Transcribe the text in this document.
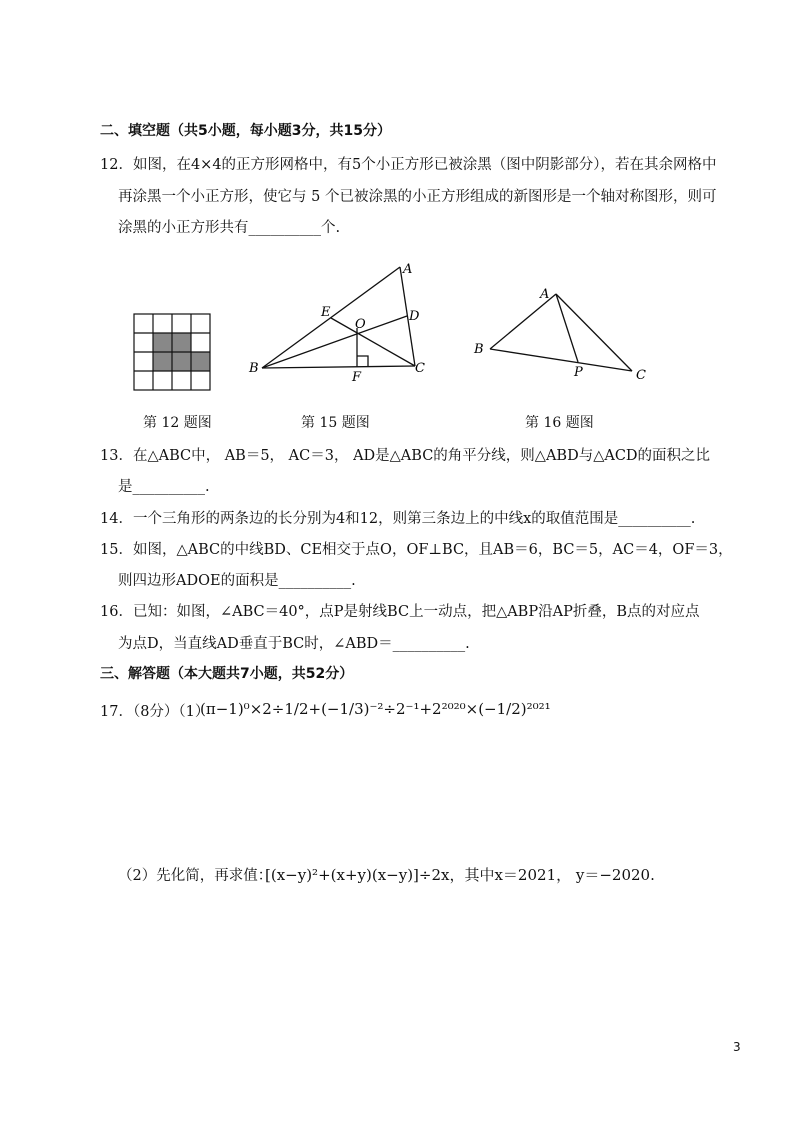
二、填空题（共5小题，每小题3分，共15分）
12．如图，在4×4的正方形网格中，有5个小正方形已被涂黑（图中阴影部分），若在其余网格中
再涂黑一个小正方形，使它与 5 个已被涂黑的小正方形组成的新图形是一个轴对称图形，则可
涂黑的小正方形共有__________个.
A
B	C
D
E
O
F
A
B
C
P
第 12 题图	第 15 题图	第 16 题图
13．在△ABC中， AB＝5， AC＝3， AD是△ABC的角平分线，则△ABD与△ACD的面积之比
是__________.
14．一个三角形的两条边的长分别为4和12，则第三条边上的中线x的取值范围是__________.
15．如图，△ABC的中线BD、CE相交于点O，OF⊥BC，且AB＝6，BC＝5，AC＝4，OF＝3，
则四边形ADOE的面积是__________.
16．已知：如图，∠ABC＝40°，点P是射线BC上一动点，把△ABP沿AP折叠，B点的对应点
为点D，当直线AD垂直于BC时，∠ABD＝__________.
三、解答题（本大题共7小题，共52分）
17．（8分）（1）
(π−1)⁰×2÷1/2+(−1/3)⁻²÷2⁻¹+2²⁰²⁰×(−1/2)²⁰²¹
（2）先化简，再求值：
[(x−y)²+(x+y)(x−y)]÷2x，其中x＝2021， y＝−2020.
3
